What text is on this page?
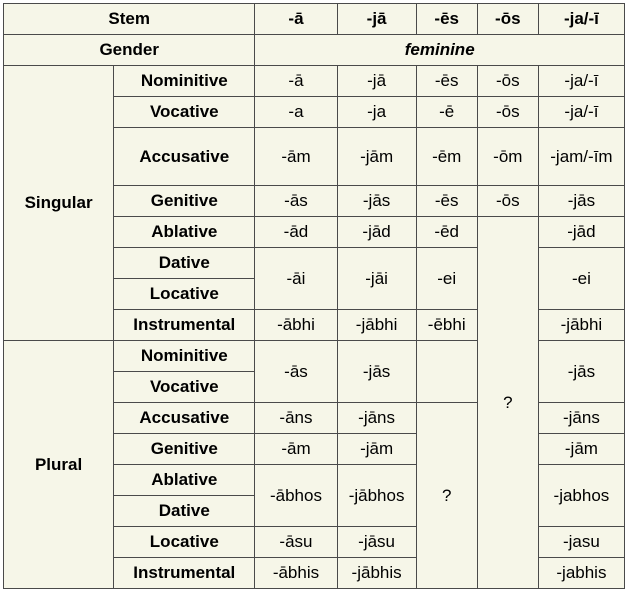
Stem		-ā	-jā	-ēs	-ōs	-ja/-ī
Gender		feminine				
Singular	Nominitive	-ā	-jā	-ēs	-ōs	-ja/-ī
	Vocative	-a	-ja	-ē	-ōs	-ja/-ī
	Accusative	-ām	-jām	-ēm	-ōm	-jam/-īm
	Genitive	-ās	-jās	-ēs	-ōs	-jās
	Ablative	-ād	-jād	-ēd	?	-jād
	Dative	-āi	-jāi	-ei		-ei
	Locative					
	Instrumental	-ābhi	-jābhi	-ēbhi		-jābhi
Plural	Nominitive	-ās	-jās			-jās
	Vocative					
	Accusative	-āns	-jāns	?		-jāns
	Genitive	-ām	-jām			-jām
	Ablative	-ābhos	-jābhos			-jabhos
	Dative					
	Locative	-āsu	-jāsu			-jasu
	Instrumental	-ābhis	-jābhis			-jabhis
